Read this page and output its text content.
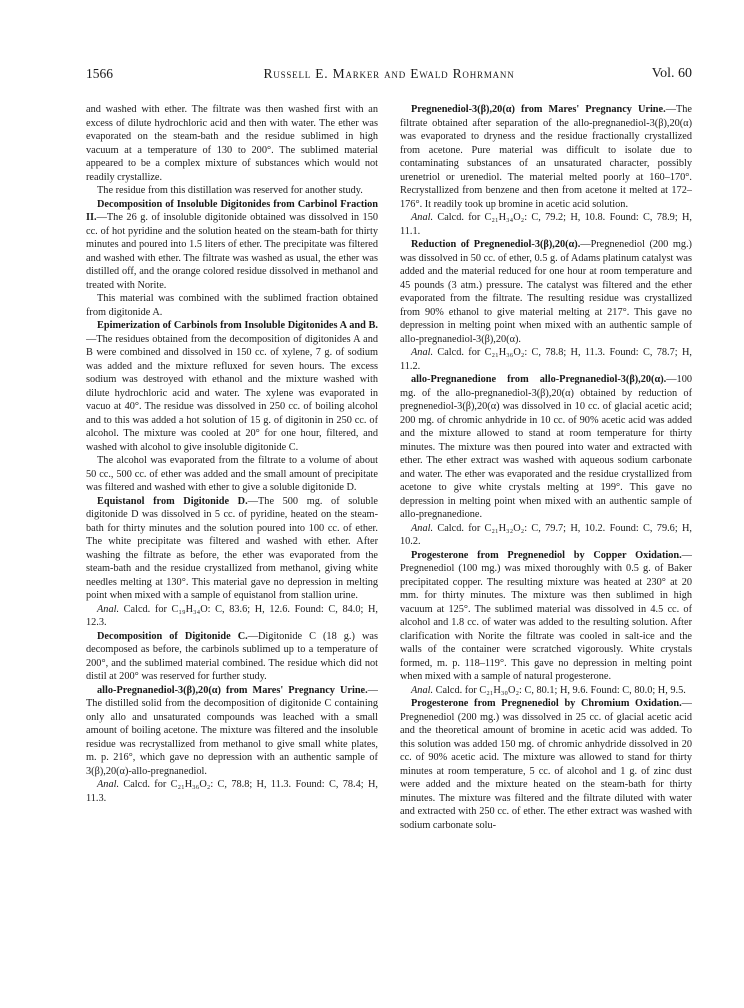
1566	Russell E. Marker and Ewald Rohrmann	Vol. 60

and washed with ether. The filtrate was then washed first with an excess of dilute hydrochloric acid and then with water. The ether was evaporated on the steam-bath and the residue sublimed in high vacuum at a temperature of 130 to 200°. The sublimed material appeared to be a complex mixture of substances which would not readily crystallize.

The residue from this distillation was reserved for another study.

Decomposition of Insoluble Digitonides from Carbinol Fraction II.—The 26 g. of insoluble digitonide obtained was dissolved in 150 cc. of hot pyridine and the solution heated on the steam-bath for thirty minutes and poured into 1.5 liters of ether. The precipitate was filtered and washed with ether. The filtrate was washed as usual, the ether was distilled off, and the orange colored residue dissolved in methanol and treated with Norite.

This material was combined with the sublimed fraction obtained from digitonide A.

Epimerization of Carbinols from Insoluble Digitonides A and B.—The residues obtained from the decomposition of digitonides A and B were combined and dissolved in 150 cc. of xylene, 7 g. of sodium was added and the mixture refluxed for seven hours. The excess sodium was destroyed with ethanol and the mixture washed with dilute hydrochloric acid and water. The xylene was evaporated in vacuo at 40°. The residue was dissolved in 250 cc. of boiling alcohol and to this was added a hot solution of 15 g. of digitonin in 250 cc. of alcohol. The mixture was cooled at 20° for one hour, filtered, and washed with alcohol to give insoluble digitonide C.

The alcohol was evaporated from the filtrate to a volume of about 50 cc., 500 cc. of ether was added and the small amount of precipitate was filtered and washed with ether to give a soluble digitonide D.

Equistanol from Digitonide D.—The 500 mg. of soluble digitonide D was dissolved in 5 cc. of pyridine, heated on the steam-bath for thirty minutes and the solution poured into 100 cc. of ether. The white precipitate was filtered and washed with ether. After washing the filtrate as before, the ether was evaporated from the steam-bath and the residue crystallized from methanol, giving white needles melting at 130°. This material gave no depression in melting point when mixed with a sample of equistanol from stallion urine.

Anal. Calcd. for C₁₉H₃₄O: C, 83.6; H, 12.6. Found: C, 84.0; H, 12.3.

Decomposition of Digitonide C.—Digitonide C (18 g.) was decomposed as before, the carbinols sublimed up to a temperature of 200°, and the sublimed material combined. The residue which did not distil at 200° was reserved for further study.

allo-Pregnanediol-3(β),20(α) from Mares' Pregnancy Urine.—The distilled solid from the decomposition of digitonide C containing only allo and unsaturated compounds was leached with a small amount of boiling acetone. The mixture was filtered and the insoluble residue was recrystallized from methanol to give small white plates, m. p. 216°, which gave no depression with an authentic sample of 3(β),20(α)-allo-pregnanediol.

Anal. Calcd. for C₂₁H₃₆O₂: C, 78.8; H, 11.3. Found: C, 78.4; H, 11.3.

Pregnenediol-3(β),20(α) from Mares' Pregnancy Urine.—The filtrate obtained after separation of the allo-pregnanediol-3(β),20(α) was evaporated to dryness and the residue fractionally crystallized from acetone. Pure material was difficult to isolate due to contaminating substances of an unsaturated character, possibly urenetriol or urenediol. The material melted poorly at 160–170°. Recrystallized from benzene and then from acetone it melted at 172–176°. It readily took up bromine in acetic acid solution.

Anal. Calcd. for C₂₁H₃₄O₂: C, 79.2; H, 10.8. Found: C, 78.9; H, 11.1.

Reduction of Pregnenediol-3(β),20(α).—Pregnenediol (200 mg.) was dissolved in 50 cc. of ether, 0.5 g. of Adams platinum catalyst was added and the material reduced for one hour at room temperature and 45 pounds (3 atm.) pressure. The catalyst was filtered and the ether evaporated from the filtrate. The resulting residue was crystallized from 90% ethanol to give material melting at 217°. This gave no depression in melting point when mixed with an authentic sample of allo-pregnanediol-3(β),20(α).

Anal. Calcd. for C₂₁H₃₆O₂: C, 78.8; H, 11.3. Found: C, 78.7; H, 11.2.

allo-Pregnanedione from allo-Pregnanediol-3(β),20(α).—100 mg. of the allo-pregnanediol-3(β),20(α) obtained by reduction of pregnenediol-3(β),20(α) was dissolved in 10 cc. of glacial acetic acid; 200 mg. of chromic anhydride in 10 cc. of 90% acetic acid was added and the mixture allowed to stand at room temperature for thirty minutes. The mixture was then poured into water and extracted with ether. The ether extract was washed with aqueous sodium carbonate and water. The ether was evaporated and the residue crystallized from acetone to give white crystals melting at 199°. This gave no depression in melting point when mixed with an authentic sample of allo-pregnanedione.

Anal. Calcd. for C₂₁H₃₂O₂: C, 79.7; H, 10.2. Found: C, 79.6; H, 10.2.

Progesterone from Pregnenediol by Copper Oxidation.—Pregnenediol (100 mg.) was mixed thoroughly with 0.5 g. of Baker precipitated copper. The resulting mixture was heated at 230° at 20 mm. for thirty minutes. The mixture was then sublimed in high vacuum at 125°. The sublimed material was dissolved in 4.5 cc. of alcohol and 1.8 cc. of water was added to the resulting solution. After clarification with Norite the filtrate was cooled in salt-ice and the walls of the container were scratched vigorously. White crystals formed, m. p. 118–119°. This gave no depression in melting point when mixed with a sample of natural progesterone.

Anal. Calcd. for C₂₁H₃₀O₂: C, 80.1; H, 9.6. Found: C, 80.0; H, 9.5.

Progesterone from Pregnenediol by Chromium Oxidation.—Pregnenediol (200 mg.) was dissolved in 25 cc. of glacial acetic acid and the theoretical amount of bromine in acetic acid was added. To this solution was added 150 mg. of chromic anhydride dissolved in 20 cc. of 90% acetic acid. The mixture was allowed to stand for thirty minutes at room temperature, 5 cc. of alcohol and 1 g. of zinc dust were added and the mixture heated on the steam-bath for thirty minutes. The mixture was filtered and the filtrate diluted with water and extracted with 250 cc. of ether. The ether extract was washed with sodium carbonate solu-
